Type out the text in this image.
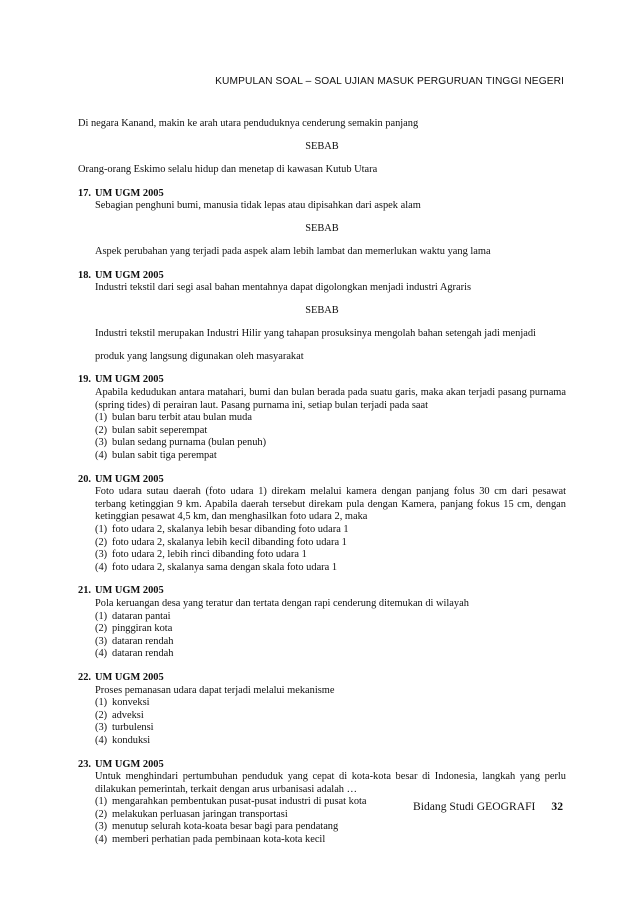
KUMPULAN SOAL – SOAL UJIAN MASUK PERGURUAN TINGGI NEGERI

Di negara Kanand, makin ke arah utara penduduknya cenderung semakin panjang

SEBAB

Orang-orang Eskimo selalu hidup dan menetap di kawasan Kutub Utara

17. UM UGM 2005

Sebagian penghuni bumi, manusia tidak lepas atau dipisahkan dari aspek alam

SEBAB

Aspek perubahan yang terjadi pada aspek alam lebih lambat dan memerlukan waktu yang lama

18. UM UGM 2005

Industri tekstil dari segi asal bahan mentahnya dapat digolongkan menjadi industri Agraris

SEBAB

Industri tekstil merupakan Industri Hilir yang tahapan prosuksinya mengolah bahan setengah jadi menjadi

produk yang langsung digunakan oleh masyarakat

19. UM UGM 2005

Apabila kedudukan antara matahari, bumi dan bulan berada pada suatu garis, maka akan terjadi pasang purnama (spring tides) di perairan laut. Pasang purnama ini, setiap bulan terjadi pada saat

(1) bulan baru terbit atau bulan muda
(2) bulan sabit seperempat
(3) bulan sedang purnama (bulan penuh)
(4) bulan sabit tiga perempat
20. UM UGM 2005

Foto udara sutau daerah (foto udara 1) direkam melalui kamera dengan panjang folus 30 cm dari pesawat terbang ketinggian 9 km. Apabila daerah tersebut direkam pula dengan Kamera, panjang fokus 15 cm, dengan ketinggian pesawat 4,5 km, dan menghasilkan foto udara 2, maka

(1) foto udara 2, skalanya lebih besar dibanding foto udara 1
(2) foto udara 2, skalanya lebih kecil dibanding foto udara 1
(3) foto udara 2, lebih rinci dibanding foto udara 1
(4) foto udara 2, skalanya sama dengan skala foto udara 1
21. UM UGM 2005

Pola keruangan desa yang teratur dan tertata dengan rapi cenderung ditemukan di wilayah

(1) dataran pantai
(2) pinggiran kota
(3) dataran rendah
(4) dataran rendah
22. UM UGM 2005

Proses pemanasan udara dapat terjadi melalui mekanisme

(1) konveksi
(2) adveksi
(3) turbulensi
(4) konduksi
23. UM UGM 2005

Untuk menghindari pertumbuhan penduduk yang cepat di kota-kota besar di Indonesia, langkah yang perlu dilakukan pemerintah, terkait dengan arus urbanisasi adalah …

(1) mengarahkan pembentukan pusat-pusat industri di pusat kota
(2) melakukan perluasan jaringan transportasi
(3) menutup selurah kota-koata besar bagi para pendatang
(4) memberi perhatian pada pembinaan kota-kota kecil
Bidang Studi GEOGRAFI 32
